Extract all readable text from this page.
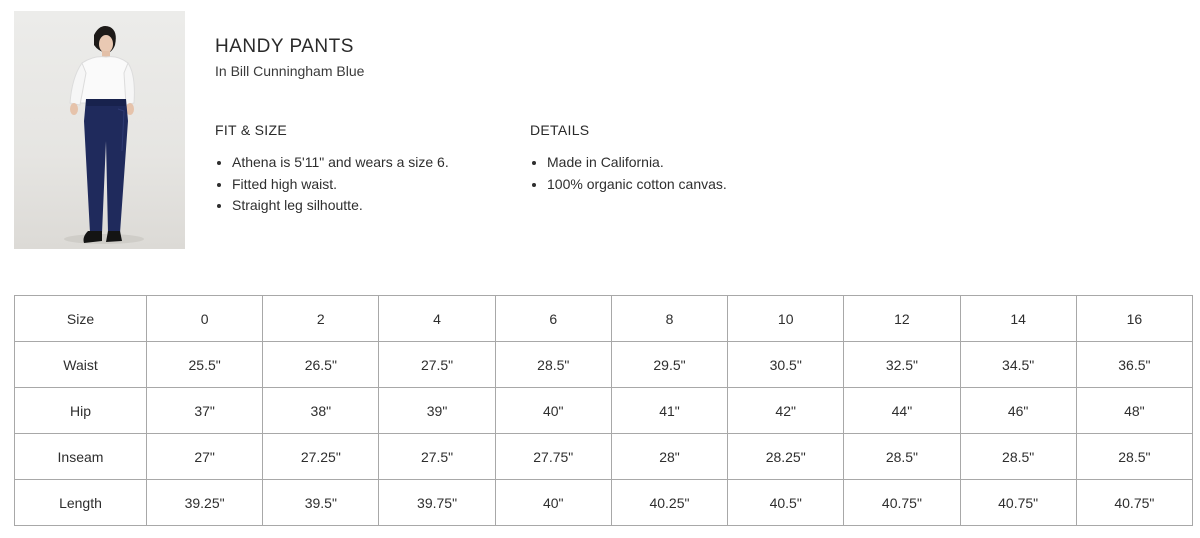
HANDY PANTS
In Bill Cunningham Blue
FIT & SIZE
• Athena is 5'11" and wears a size 6.
• Fitted high waist.
• Straight leg silhoutte.
DETAILS
• Made in California.
• 100% organic cotton canvas.
Size	0	2	4	6	8	10	12	14	16
Waist	25.5"	26.5"	27.5"	28.5"	29.5"	30.5"	32.5"	34.5"	36.5"
Hip	37"	38"	39"	40"	41"	42"	44"	46"	48"
Inseam	27"	27.25"	27.5"	27.75"	28"	28.25"	28.5"	28.5"	28.5"
Length	39.25"	39.5"	39.75"	40"	40.25"	40.5"	40.75"	40.75"	40.75"
